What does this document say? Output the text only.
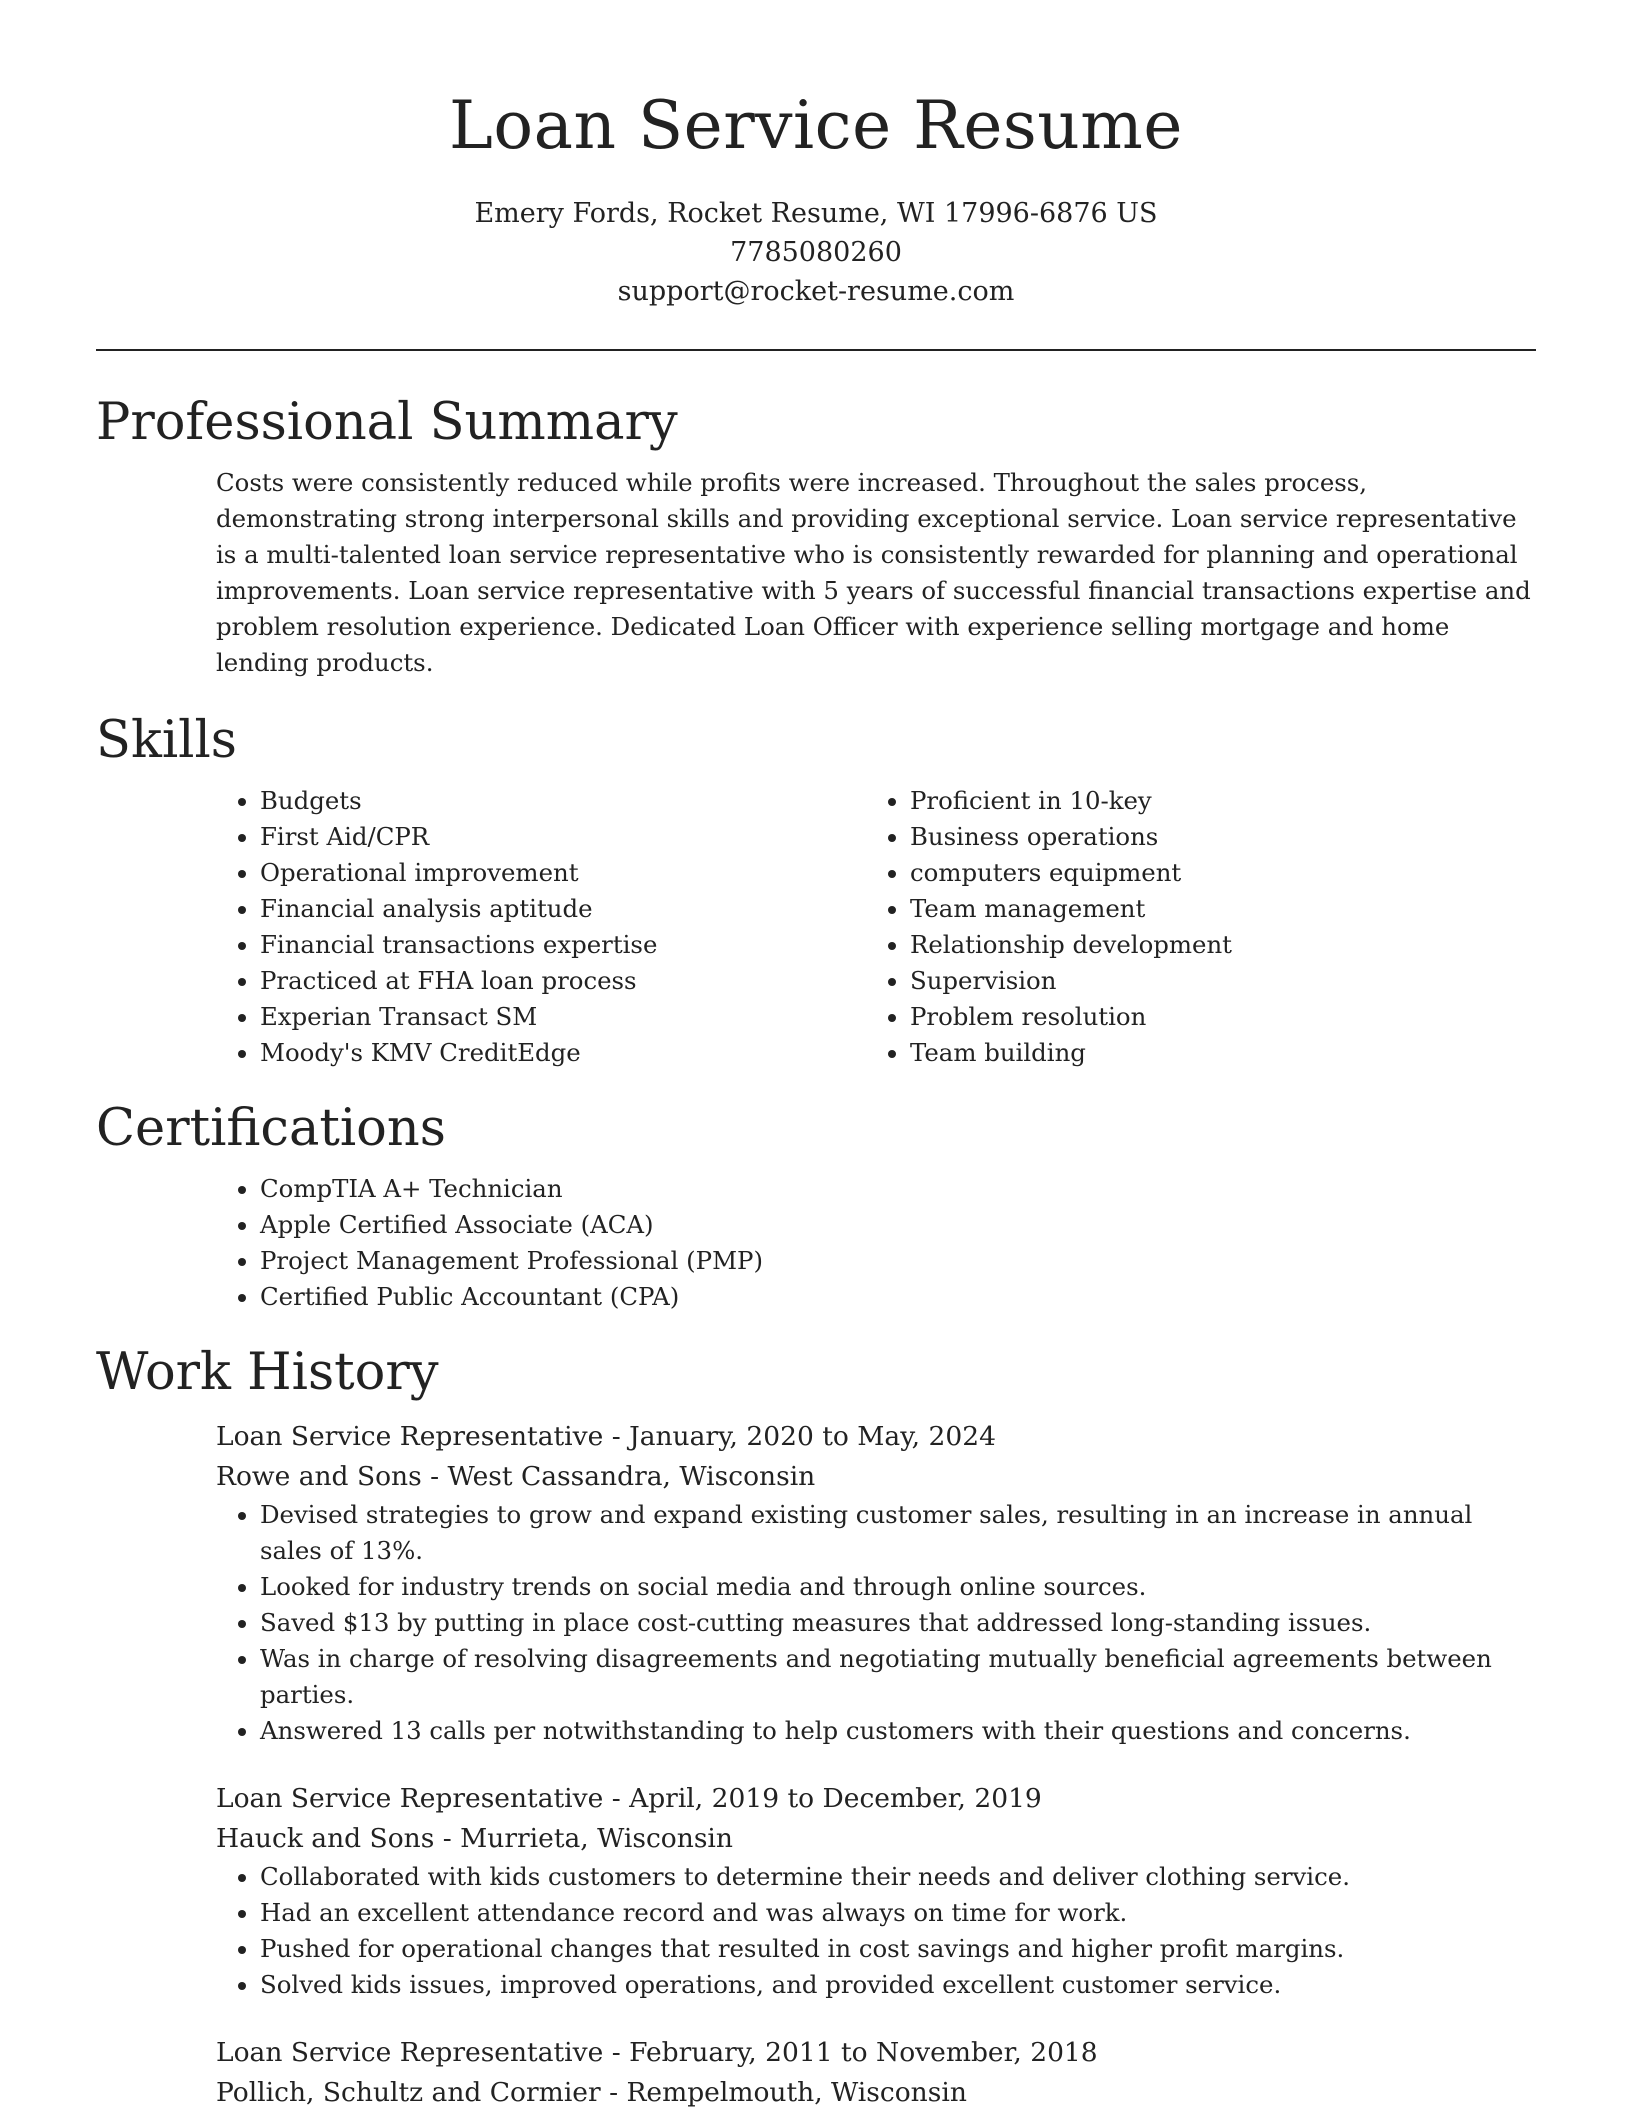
Loan Service Resume
Emery Fords, Rocket Resume, WI 17996-6876 US
7785080260
support@rocket-resume.com
Professional Summary

Costs were consistently reduced while profits were increased. Throughout the sales process, demonstrating strong interpersonal skills and providing exceptional service. Loan service representative is a multi-talented loan service representative who is consistently rewarded for planning and operational improvements. Loan service representative with 5 years of successful financial transactions expertise and problem resolution experience. Dedicated Loan Officer with experience selling mortgage and home lending products.

Skills
• Budgets
• First Aid/CPR
• Operational improvement
• Financial analysis aptitude
• Financial transactions expertise
• Practiced at FHA loan process
• Experian Transact SM
• Moody's KMV CreditEdge
• Proficient in 10-key
• Business operations
• computers equipment
• Team management
• Relationship development
• Supervision
• Problem resolution
• Team building
Certifications
• CompTIA A+ Technician
• Apple Certified Associate (ACA)
• Project Management Professional (PMP)
• Certified Public Accountant (CPA)
Work History
Loan Service Representative - January, 2020 to May, 2024
Rowe and Sons - West Cassandra, Wisconsin
• Devised strategies to grow and expand existing customer sales, resulting in an increase in annual sales of 13%.
• Looked for industry trends on social media and through online sources.
• Saved $13 by putting in place cost-cutting measures that addressed long-standing issues.
• Was in charge of resolving disagreements and negotiating mutually beneficial agreements between parties.
• Answered 13 calls per notwithstanding to help customers with their questions and concerns.
Loan Service Representative - April, 2019 to December, 2019
Hauck and Sons - Murrieta, Wisconsin
• Collaborated with kids customers to determine their needs and deliver clothing service.
• Had an excellent attendance record and was always on time for work.
• Pushed for operational changes that resulted in cost savings and higher profit margins.
• Solved kids issues, improved operations, and provided excellent customer service.
Loan Service Representative - February, 2011 to November, 2018
Pollich, Schultz and Cormier - Rempelmouth, Wisconsin
